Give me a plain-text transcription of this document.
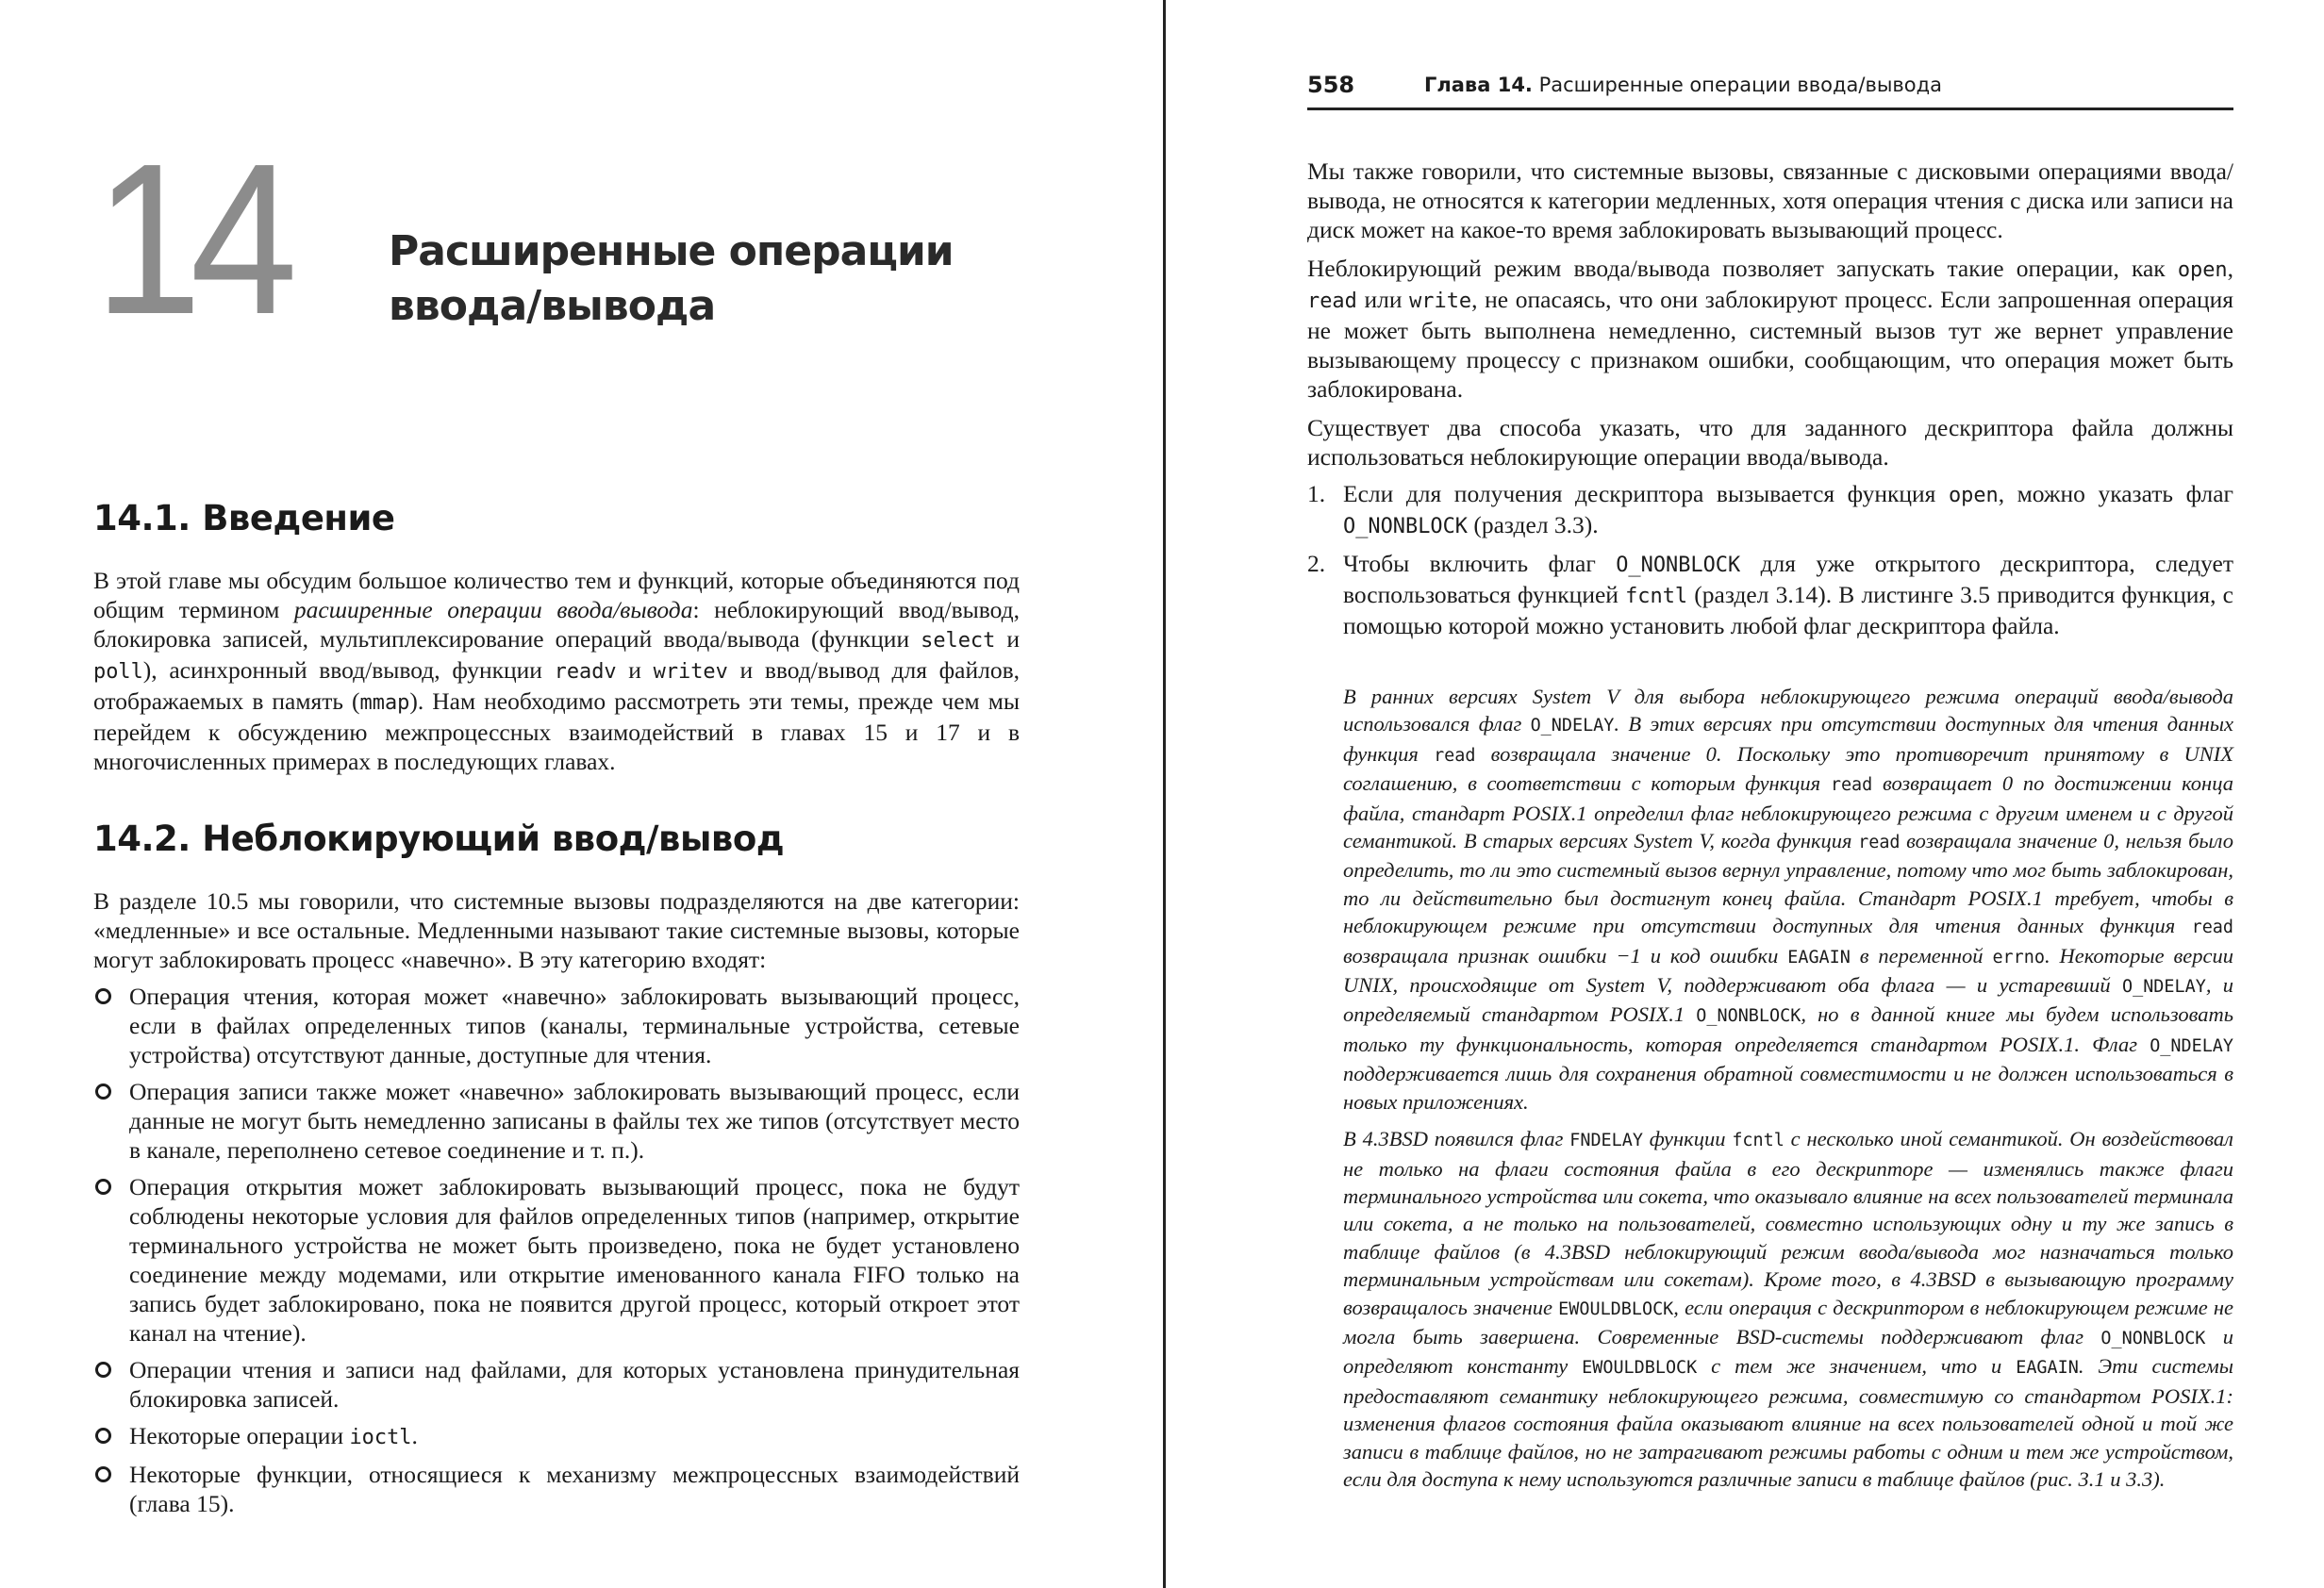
14 Расширенные операции
ввода/вывода
14.1. Введение

В этой главе мы обсудим большое количество тем и функций, которые объединяются под общим термином расширенные операции ввода/вывода: неблокирующий ввод/вывод, блокировка записей, мультиплексирование операций ввода/вывода (функции select и poll), асинхронный ввод/вывод, функции readv и writev и ввод/вывод для файлов, отображаемых в память (mmap). Нам необходимо рассмотреть эти темы, прежде чем мы перейдем к обсуждению межпроцессных взаимодействий в главах 15 и 17 и в многочисленных примерах в последующих главах.

14.2. Неблокирующий ввод/вывод

В разделе 10.5 мы говорили, что системные вызовы подразделяются на две категории: «медленные» и все остальные. Медленными называют такие системные вызовы, которые могут заблокировать процесс «навечно». В эту категорию входят:

Операция чтения, которая может «навечно» заблокировать вызывающий процесс, если в файлах определенных типов (каналы, терминальные устройства, сетевые устройства) отсутствуют данные, доступные для чтения.
Операция записи также может «навечно» заблокировать вызывающий процесс, если данные не могут быть немедленно записаны в файлы тех же типов (отсутствует место в канале, переполнено сетевое соединение и т. п.).
Операция открытия может заблокировать вызывающий процесс, пока не будут соблюдены некоторые условия для файлов определенных типов (например, открытие терминального устройства не может быть произведено, пока не будет установлено соединение между модемами, или открытие именованного канала FIFO только на запись будет заблокировано, пока не появится другой процесс, который откроет этот канал на чтение).
Операции чтения и записи над файлами, для которых установлена принудительная блокировка записей.
Некоторые операции ioctl.
Некоторые функции, относящиеся к механизму межпроцессных взаимодействий (глава 15).
558	Глава 14. Расширенные операции ввода/вывода

Мы также говорили, что системные вызовы, связанные с дисковыми операциями ввода/вывода, не относятся к категории медленных, хотя операция чтения с диска или записи на диск может на какое-то время заблокировать вызывающий процесс.

Неблокирующий режим ввода/вывода позволяет запускать такие операции, как open, read или write, не опасаясь, что они заблокируют процесс. Если запрошенная операция не может быть выполнена немедленно, системный вызов тут же вернет управление вызывающему процессу с признаком ошибки, сообщающим, что операция может быть заблокирована.

Существует два способа указать, что для заданного дескриптора файла должны использоваться неблокирующие операции ввода/вывода.

1. Если для получения дескриптора вызывается функция open, можно указать флаг O_NONBLOCK (раздел 3.3).
2. Чтобы включить флаг O_NONBLOCK для уже открытого дескриптора, следует воспользоваться функцией fcntl (раздел 3.14). В листинге 3.5 приводится функция, с помощью которой можно установить любой флаг дескриптора файла.

В ранних версиях System V для выбора неблокирующего режима операций ввода/вывода использовался флаг O_NDELAY. В этих версиях при отсутствии доступных для чтения данных функция read возвращала значение 0. Поскольку это противоречит принятому в UNIX соглашению, в соответствии с которым функция read возвращает 0 по достижении конца файла, стандарт POSIX.1 определил флаг неблокирующего режима с другим именем и с другой семантикой. В старых версиях System V, когда функция read возвращала значение 0, нельзя было определить, то ли это системный вызов вернул управление, потому что мог быть заблокирован, то ли действительно был достигнут конец файла. Стандарт POSIX.1 требует, чтобы в неблокирующем режиме при отсутствии доступных для чтения данных функция read возвращала признак ошибки −1 и код ошибки EAGAIN в переменной errno. Некоторые версии UNIX, происходящие от System V, поддерживают оба флага — и устаревший O_NDELAY, и определяемый стандартом POSIX.1 O_NONBLOCK, но в данной книге мы будем использовать только ту функциональность, которая определяется стандартом POSIX.1. Флаг O_NDELAY поддерживается лишь для сохранения обратной совместимости и не должен использоваться в новых приложениях.

В 4.3BSD появился флаг FNDELAY функции fcntl с несколько иной семантикой. Он воздействовал не только на флаги состояния файла в его дескрипторе — изменялись также флаги терминального устройства или сокета, что оказывало влияние на всех пользователей терминала или сокета, а не только на пользователей, совместно использующих одну и ту же запись в таблице файлов (в 4.3BSD неблокирующий режим ввода/вывода мог назначаться только терминальным устройствам или сокетам). Кроме того, в 4.3BSD в вызывающую программу возвращалось значение EWOULDBLOCK, если операция с дескриптором в неблокирующем режиме не могла быть завершена. Современные BSD-системы поддерживают флаг O_NONBLOCK и определяют константу EWOULDBLOCK с тем же значением, что и EAGAIN. Эти системы предоставляют семантику неблокирующего режима, совместимую со стандартом POSIX.1: изменения флагов состояния файла оказывают влияние на всех пользователей одной и той же записи в таблице файлов, но не затрагивают режимы работы с одним и тем же устройством, если для доступа к нему используются различные записи в таблице файлов (рис. 3.1 и 3.3).
